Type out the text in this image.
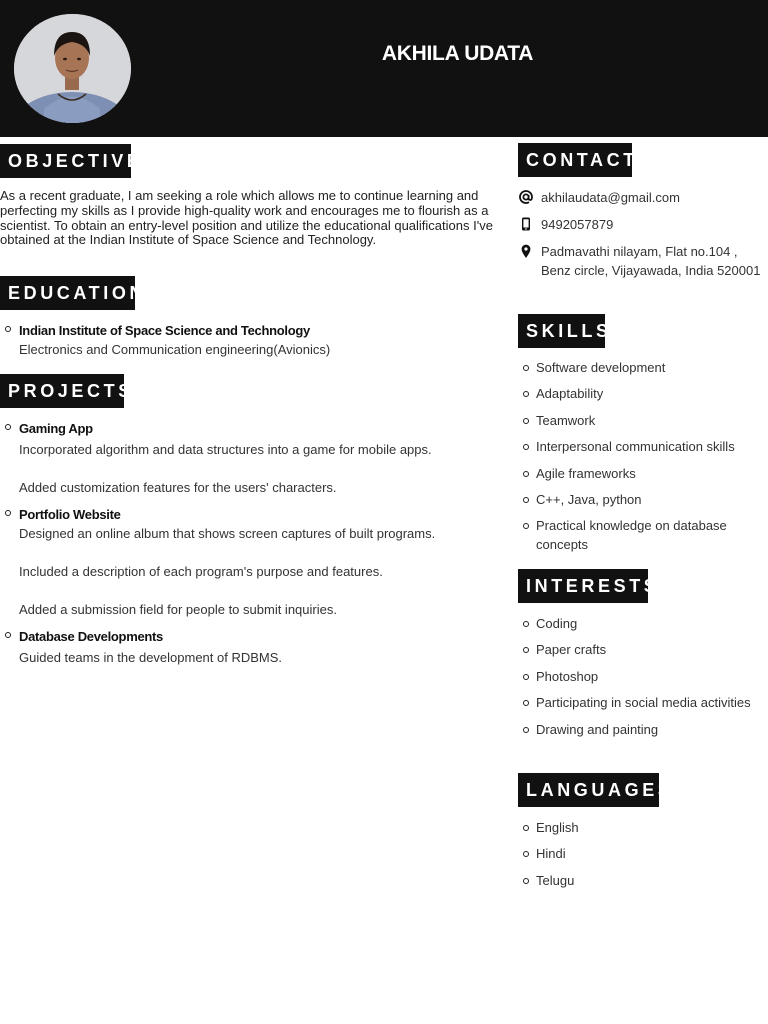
AKHILA UDATA
OBJECTIVE

As a recent graduate, I am seeking a role which allows me to continue learning and perfecting my skills as I provide high-quality work and encourages me to flourish as a scientist. To obtain an entry-level position and utilize the educational qualifications I've obtained at the Indian Institute of Space Science and Technology.

EDUCATION
Indian Institute of Space Science and Technology
Electronics and Communication engineering(Avionics)
PROJECTS
Gaming App
Incorporated algorithm and data structures into a game for mobile apps.
Added customization features for the users' characters.
Portfolio Website
Designed an online album that shows screen captures of built programs.
Included a description of each program's purpose and features.
Added a submission field for people to submit inquiries.
Database Developments
Guided teams in the development of RDBMS.
CONTACT
akhilaudata@gmail.com
9492057879
Padmavathi nilayam, Flat no.104 , Benz circle, Vijayawada, India 520001
SKILLS
Software development
Adaptability
Teamwork
Interpersonal communication skills
Agile frameworks
C++, Java, python
Practical knowledge on database concepts
INTERESTS
Coding
Paper crafts
Photoshop
Participating in social media activities
Drawing and painting
LANGUAGES
English
Hindi
Telugu
